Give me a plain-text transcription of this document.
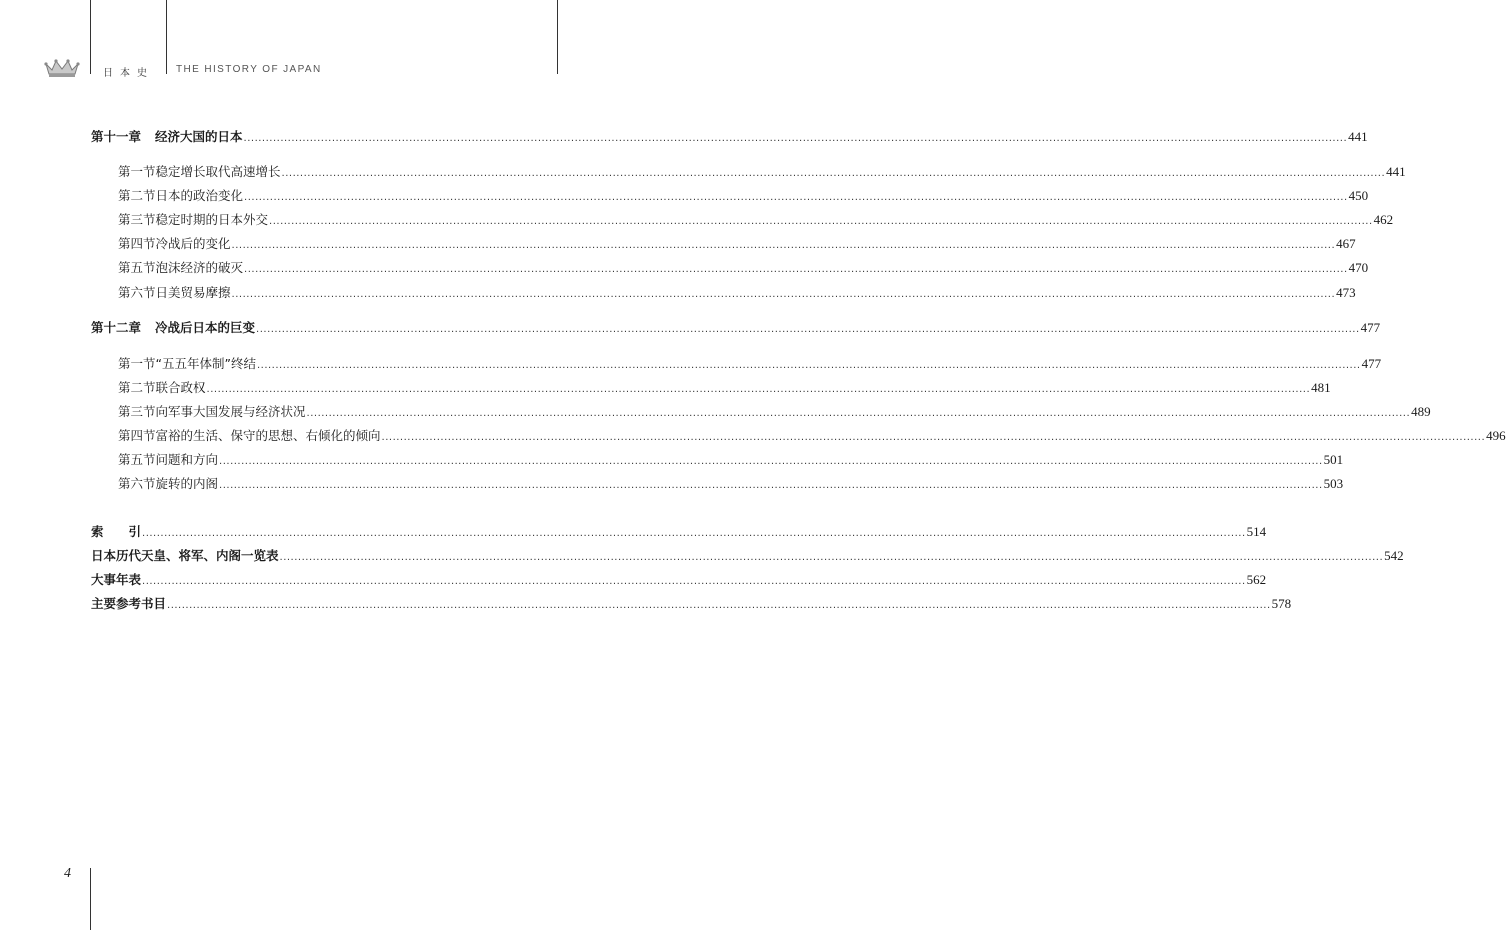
日本史 THE HISTORY OF JAPAN
第十一章 经济大国的日本 ............................................................................................................................................................................................................................................................................................................ 441
第一节 稳定增长取代高速增长 ............................................................................................................................................................................................................................................................................................................ 441
第二节 日本的政治变化 ............................................................................................................................................................................................................................................................................................................ 450
第三节 稳定时期的日本外交 ............................................................................................................................................................................................................................................................................................................ 462
第四节 冷战后的变化 ............................................................................................................................................................................................................................................................................................................ 467
第五节 泡沫经济的破灭 ............................................................................................................................................................................................................................................................................................................ 470
第六节 日美贸易摩擦 ............................................................................................................................................................................................................................................................................................................ 473
第十二章 冷战后日本的巨变 ............................................................................................................................................................................................................................................................................................................ 477
第一节 “五五年体制”终结 ............................................................................................................................................................................................................................................................................................................ 477
第二节 联合政权 ............................................................................................................................................................................................................................................................................................................ 481
第三节 向军事大国发展与经济状况 ............................................................................................................................................................................................................................................................................................................ 489
第四节 富裕的生活、保守的思想、右倾化的倾向 ............................................................................................................................................................................................................................................................................................................ 496
第五节 问题和方向 ............................................................................................................................................................................................................................................................................................................ 501
第六节 旋转的内阁 ............................................................................................................................................................................................................................................................................................................ 503
索　　引 ............................................................................................................................................................................................................................................................................................................ 514
日本历代天皇、将军、内阁一览表 ............................................................................................................................................................................................................................................................................................................ 542
大事年表 ............................................................................................................................................................................................................................................................................................................ 562
主要参考书目 ............................................................................................................................................................................................................................................................................................................ 578
4
